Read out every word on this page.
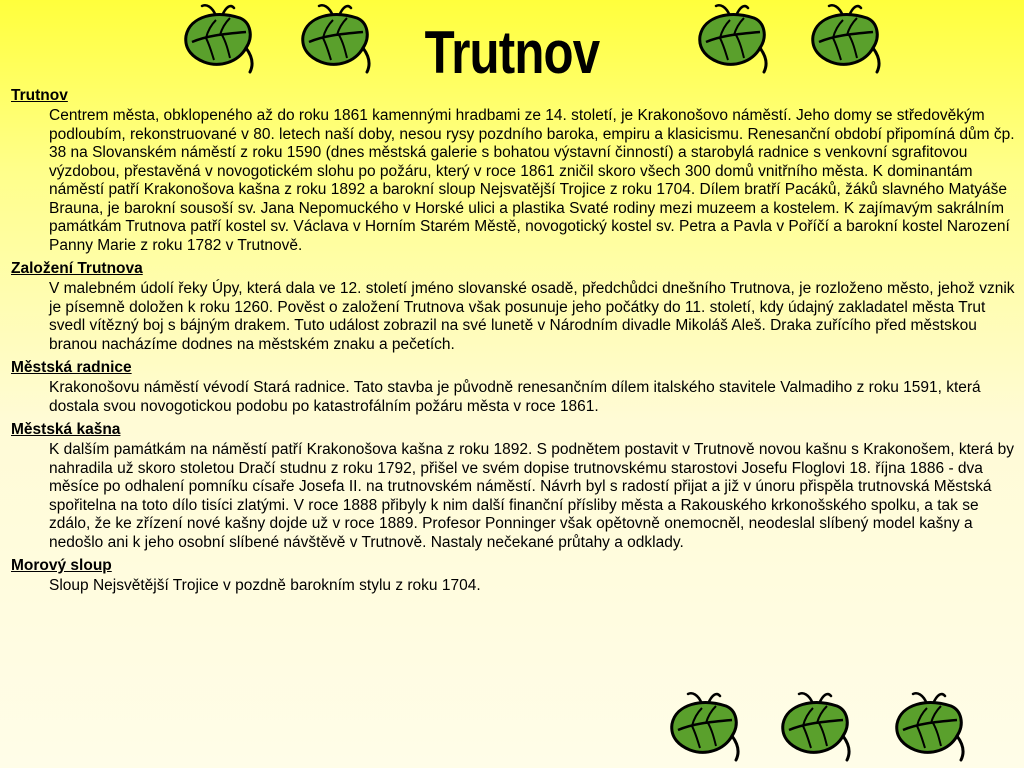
Trutnov
Trutnov
Centrem města, obklopeného až do roku 1861 kamennými hradbami ze 14. století, je Krakonošovo náměstí. Jeho domy se středověkým podloubím, rekonstruované v 80. letech naší doby, nesou rysy pozdního baroka, empiru a klasicismu. Renesanční období připomíná dům čp. 38 na Slovanském náměstí z roku 1590 (dnes městská galerie s bohatou výstavní činností) a starobylá radnice s venkovní sgrafitovou výzdobou, přestavěná v novogotickém slohu po požáru, který v roce 1861 zničil skoro všech 300 domů vnitřního města. K dominantám náměstí patří Krakonošova kašna z roku 1892 a barokní sloup Nejsvatější Trojice z roku 1704. Dílem bratří Pacáků, žáků slavného Matyáše Brauna, je barokní sousoší sv. Jana Nepomuckého v Horské ulici a plastika Svaté rodiny mezi muzeem a kostelem. K zajímavým sakrálním památkám Trutnova patří kostel sv. Václava v Horním Starém Městě, novogotický kostel sv. Petra a Pavla v Poříčí a barokní kostel Narození Panny Marie z roku 1782 v Trutnově.
Založení Trutnova
V malebném údolí řeky Úpy, která dala ve 12. století jméno slovanské osadě, předchůdci dnešního Trutnova, je rozloženo město, jehož vznik je písemně doložen k roku 1260. Pověst o založení Trutnova však posunuje jeho počátky do 11. století, kdy údajný zakladatel města Trut svedl vítězný boj s bájným drakem. Tuto událost zobrazil na své lunetě v Národním divadle Mikoláš Aleš. Draka zuřícího před městskou branou nacházíme dodnes na městském znaku a pečetích.
Městská radnice
Krakonošovu náměstí vévodí Stará radnice. Tato stavba je původně renesančním dílem italského stavitele Valmadiho z roku 1591, která dostala svou novogotickou podobu po katastrofálním požáru města v roce 1861.
Městská kašna
K dalším památkám na náměstí patří Krakonošova kašna z roku 1892. S podnětem postavit v Trutnově novou kašnu s Krakonošem, která by nahradila už skoro stoletou Dračí studnu z roku 1792, přišel ve svém dopise trutnovskému starostovi Josefu Floglovi 18. října 1886 - dva měsíce po odhalení pomníku císaře Josefa II. na trutnovském náměstí. Návrh byl s radostí přijat a již v únoru přispěla trutnovská Městská spořitelna na toto dílo tisíci zlatými. V roce 1888 přibyly k nim další finanční přísliby města a Rakouského krkonošského spolku, a tak se zdálo, že ke zřízení nové kašny dojde už v roce 1889. Profesor Ponninger však opětovně onemocněl, neodeslal slíbený model kašny a nedošlo ani k jeho osobní slíbené návštěvě v Trutnově. Nastaly nečekané průtahy a odklady.
Morový sloup
Sloup Nejsvětější Trojice v pozdně barokním stylu z roku 1704.
